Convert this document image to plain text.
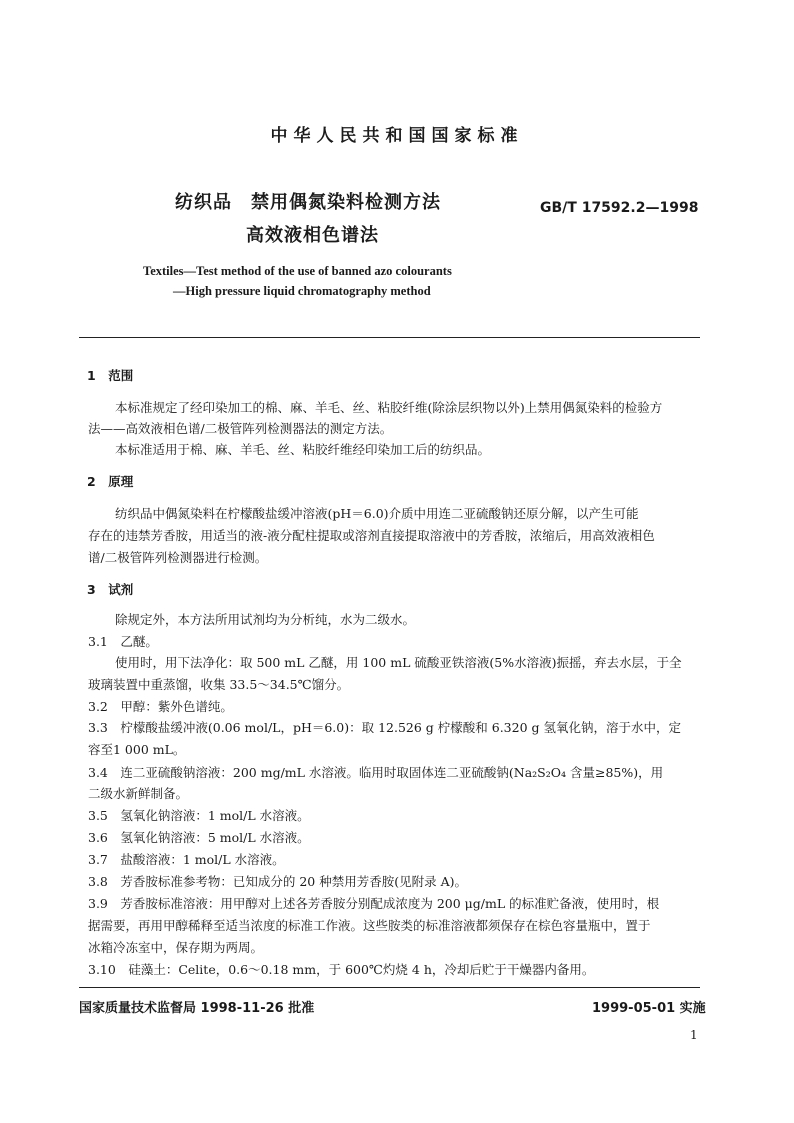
中华人民共和国国家标准
纺织品　禁用偶氮染料检测方法
高效液相色谱法
GB/T 17592.2—1998
Textiles—Test method of the use of banned azo colourants
—High pressure liquid chromatography method
1　范围
本标准规定了经印染加工的棉、麻、羊毛、丝、粘胶纤维(除涂层织物以外)上禁用偶氮染料的检验方
法——高效液相色谱/二极管阵列检测器法的测定方法。
本标准适用于棉、麻、羊毛、丝、粘胶纤维经印染加工后的纺织品。
2　原理
纺织品中偶氮染料在柠檬酸盐缓冲溶液(pH＝6.0)介质中用连二亚硫酸钠还原分解，以产生可能
存在的违禁芳香胺，用适当的液-液分配柱提取或溶剂直接提取溶液中的芳香胺，浓缩后，用高效液相色
谱/二极管阵列检测器进行检测。
3　试剂
除规定外，本方法所用试剂均为分析纯，水为二级水。
3.1　乙醚。
使用时，用下法净化：取 500 mL 乙醚，用 100 mL 硫酸亚铁溶液(5%水溶液)振摇，弃去水层，于全
玻璃装置中重蒸馏，收集 33.5～34.5℃馏分。
3.2　甲醇：紫外色谱纯。
3.3　柠檬酸盐缓冲液(0.06 mol/L，pH＝6.0)：取 12.526 g 柠檬酸和 6.320 g 氢氧化钠，溶于水中，定
容至1 000 mL。
3.4　连二亚硫酸钠溶液：200 mg/mL 水溶液。临用时取固体连二亚硫酸钠(Na₂S₂O₄ 含量≥85%)，用
二级水新鲜制备。
3.5　氢氧化钠溶液：1 mol/L 水溶液。
3.6　氢氧化钠溶液：5 mol/L 水溶液。
3.7　盐酸溶液：1 mol/L 水溶液。
3.8　芳香胺标准参考物：已知成分的 20 种禁用芳香胺(见附录 A)。
3.9　芳香胺标准溶液：用甲醇对上述各芳香胺分别配成浓度为 200 μg/mL 的标准贮备液，使用时，根
据需要，再用甲醇稀释至适当浓度的标准工作液。这些胺类的标准溶液都须保存在棕色容量瓶中，置于
冰箱冷冻室中，保存期为两周。
3.10　硅藻土：Celite，0.6～0.18 mm，于 600℃灼烧 4 h，冷却后贮于干燥器内备用。
国家质量技术监督局 1998-11-26 批准	1999-05-01 实施
1
